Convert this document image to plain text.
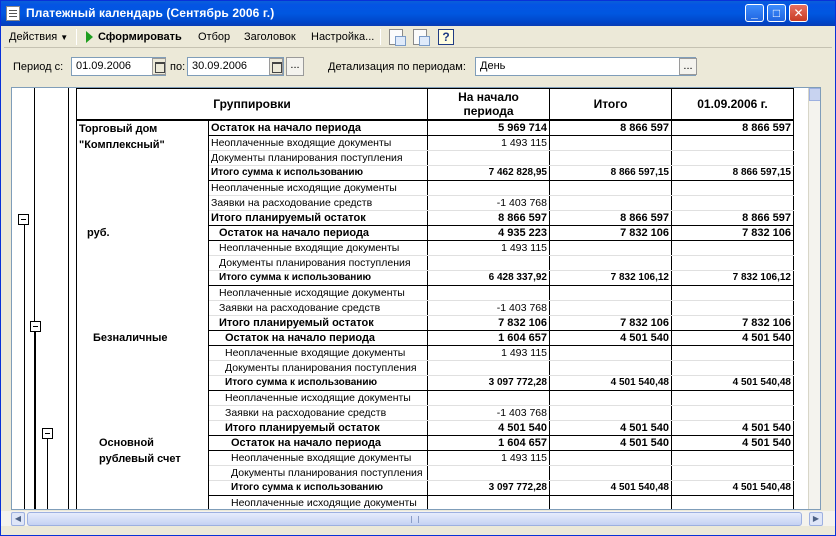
Платежный календарь (Сентябрь 2006 г.)	_	□	✕
Действия ▼	Сформировать Отбор Заголовок Настройка...	?
Период с:	01.09.2006	по: 30.09.2006	...	Детализация по периодам:	День	...
Группировки		На начало
периода	Итого	01.09.2006 г.
Торговый дом
"Комплексный"	Остаток на начало периода	5 969 714	8 866 597	8 866 597
	Неоплаченные входящие документы	1 493 115		
	Документы планирования поступления			
	Итого сумма к использованию	7 462 828,95	8 866 597,15	8 866 597,15
	Неоплаченные исходящие документы			
	Заявки на расходование средств	-1 403 768		
	Итого планируемый остаток	8 866 597	8 866 597	8 866 597
руб.	Остаток на начало периода	4 935 223	7 832 106	7 832 106
	Неоплаченные входящие документы	1 493 115		
	Документы планирования поступления			
	Итого сумма к использованию	6 428 337,92	7 832 106,12	7 832 106,12
	Неоплаченные исходящие документы			
	Заявки на расходование средств	-1 403 768		
	Итого планируемый остаток	7 832 106	7 832 106	7 832 106
Безналичные	Остаток на начало периода	1 604 657	4 501 540	4 501 540
	Неоплаченные входящие документы	1 493 115		
	Документы планирования поступления			
	Итого сумма к использованию	3 097 772,28	4 501 540,48	4 501 540,48
	Неоплаченные исходящие документы			
	Заявки на расходование средств	-1 403 768		
	Итого планируемый остаток	4 501 540	4 501 540	4 501 540
Основной
рублевый счет	Остаток на начало периода	1 604 657	4 501 540	4 501 540
	Неоплаченные входящие документы	1 493 115		
	Документы планирования поступления			
	Итого сумма к использованию	3 097 772,28	4 501 540,48	4 501 540,48
	Неоплаченные исходящие документы			
◀	▶
